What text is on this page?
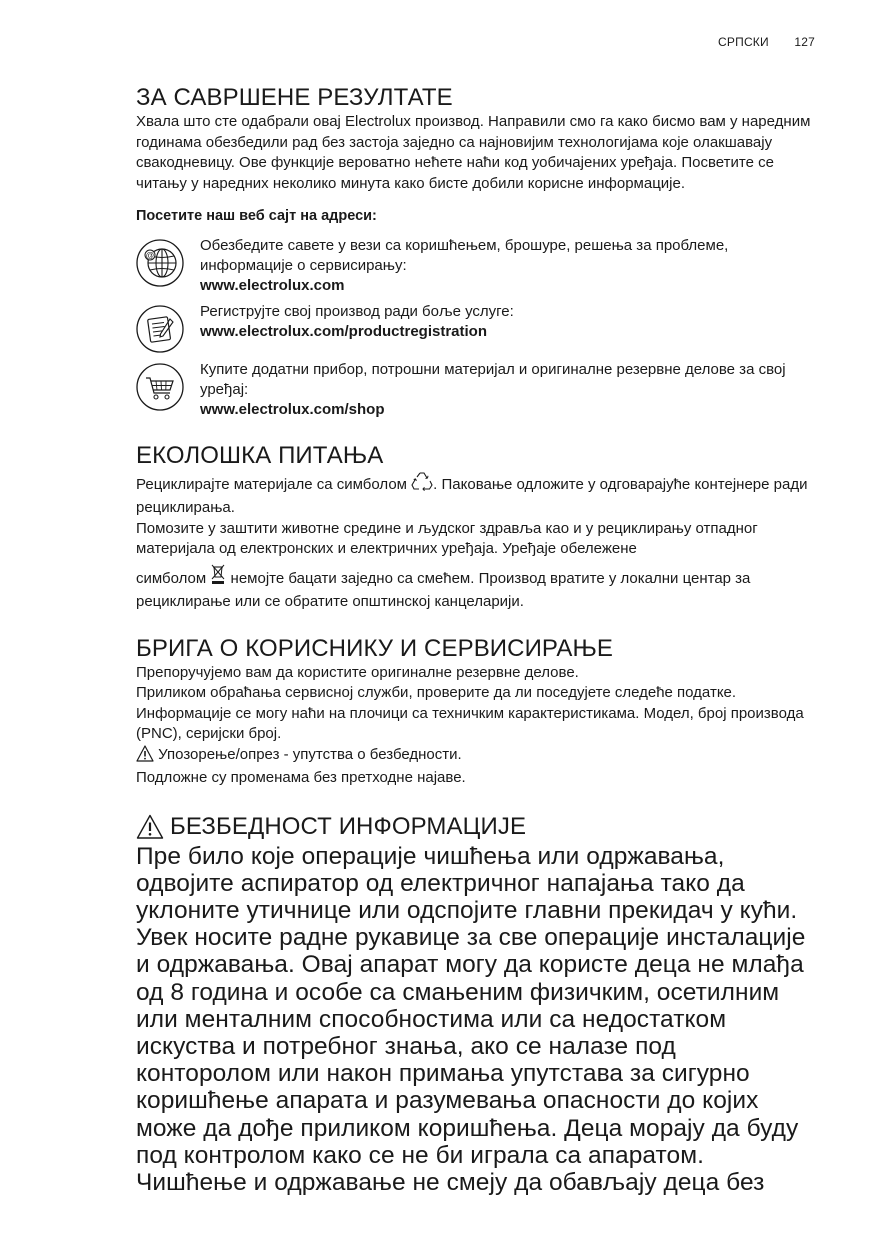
СРПСКИ 127
ЗА САВРШЕНЕ РЕЗУЛТАТЕ

Хвала што сте одабрали овај Electrolux производ. Направили смо га како бисмо вам у наредним годинама обезбедили рад без застоја заједно са најновијим технологијама које олакшавају свакодневицу. Ове функције вероватно нећете наћи код уобичајених уређаја. Посветите се читању у наредних неколико минута како бисте добили корисне информације.

Посетите наш веб сајт на адреси:

@
Обезбедите савете у вези са коришћењем, брошуре, решења за проблеме, информације о сервисирању:
www.electrolux.com
Региструјте свој производ ради боље услуге:
www.electrolux.com/productregistration
Купите додатни прибор, потрошни материјал и оригиналне резервне делове за свој уређај:
www.electrolux.com/shop
ЕКОЛОШКА ПИТАЊА

Рециклирајте материјале са симболом . Паковање одложите у одговарајуће контејнере ради рециклирања.

Помозите у заштити животне средине и људског здравља као и у рециклирању отпадног материјала од електронских и електричних уређаја. Уређаје обележене

симболом  немојте бацати заједно са смећем. Производ вратите у локални центар за рециклирање или се обратите општинској канцеларији.

БРИГА О КОРИСНИКУ И СЕРВИСИРАЊЕ

Препоручујемо вам да користите оригиналне резервне делове.

Приликом обраћања сервисној служби, проверите да ли поседујете следеће податке. Информације се могу наћи на плочици са техничким карактеристикама. Модел, број производа (PNC), серијски број.

Упозорење/опрез - упутства о безбедности.

Подложне су променама без претходне најаве.

БЕЗБЕДНОСТ ИНФОРМАЦИЈЕ

Пре било које операције чишћења или одржавања, одвојите аспиратор од електричног напајања тако да уклоните утичнице или одспојите главни прекидач у кући. Увек носите радне рукавице за све операције инсталације и одржавања. Овај апарат могу да користе деца не млађа од 8 година и особе са смањеним физичким, осетилним или менталним способностима или са недостатком искуства и потребног знања, ако се налазе под конторолом или након примања упутстава за сигурно коришћење апарата и разумевања опасности до којих може да дође приликом коришћења. Деца морају да буду под контролом како се не би играла са апаратом. Чишћење и одржавање не смеју да обављају деца без
